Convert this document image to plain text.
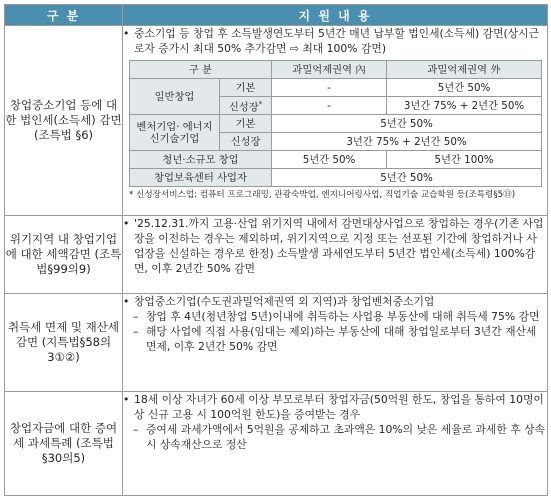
구 분	지 원 내 용
창업중소기업 등에 대한 법인세(소득세) 감면 (조특법 §6)	
• 중소기업 등 창업 후 소득발생연도부터 5년간 매년 납부할 법인세(소득세) 감면(상시근로자 증가시 최대 50% 추가감면 ⇨ 최대 100% 감면)
구 분	과밀억제권역 內	과밀억제권역 外
일반창업	기본	-	5년간 50%
신성장*	-	3년간 75% + 2년간 50%
벤처기업· 에너지신기술기업	기본	5년간 50%
신성장	3년간 75% + 2년간 50%
청년·소규모 창업	5년간 50%	5년간 100%
창업보육센터 사업자	5년간 50%
* 신성장서비스업: 컴퓨터 프로그래밍, 관광숙박업, 엔지니어링사업, 직업기술 교습학원 등(조특령§5⑬)

위기지역 내 창업기업에 대한 세액감면 (조특법§99의9)	
• '25.12.31.까지 고용·산업 위기지역 내에서 감면대상사업으로 창업하는 경우(기존 사업장을 이전하는 경우는 제외하며, 위기지역으로 지정 또는 선포된 기간에 창업하거나 사업장을 신설하는 경우로 한정) 소득발생 과세연도부터 5년간 법인세(소득세) 100%감면, 이후 2년간 50% 감면

취득세 면제 및 재산세 감면 (지특법§58의3①②)	
• 창업중소기업(수도권과밀억제권역 외 지역)과 창업벤처중소기업
– 창업 후 4년(청년창업 5년)이내에 취득하는 사업용 부동산에 대해 취득세 75% 감면
– 해당 사업에 직접 사용(임대는 제외)하는 부동산에 대해 창업일로부터 3년간 재산세 면제, 이후 2년간 50% 감면

창업자금에 대한 증여세 과세특례 (조특법 §30의5)	
• 18세 이상 자녀가 60세 이상 부모로부터 창업자금(50억원 한도, 창업을 통하여 10명이상 신규 고용 시 100억원 한도)을 증여받는 경우
– 증여세 과세가액에서 5억원을 공제하고 초과액은 10%의 낮은 세율로 과세한 후 상속 시 상속재산으로 정산
